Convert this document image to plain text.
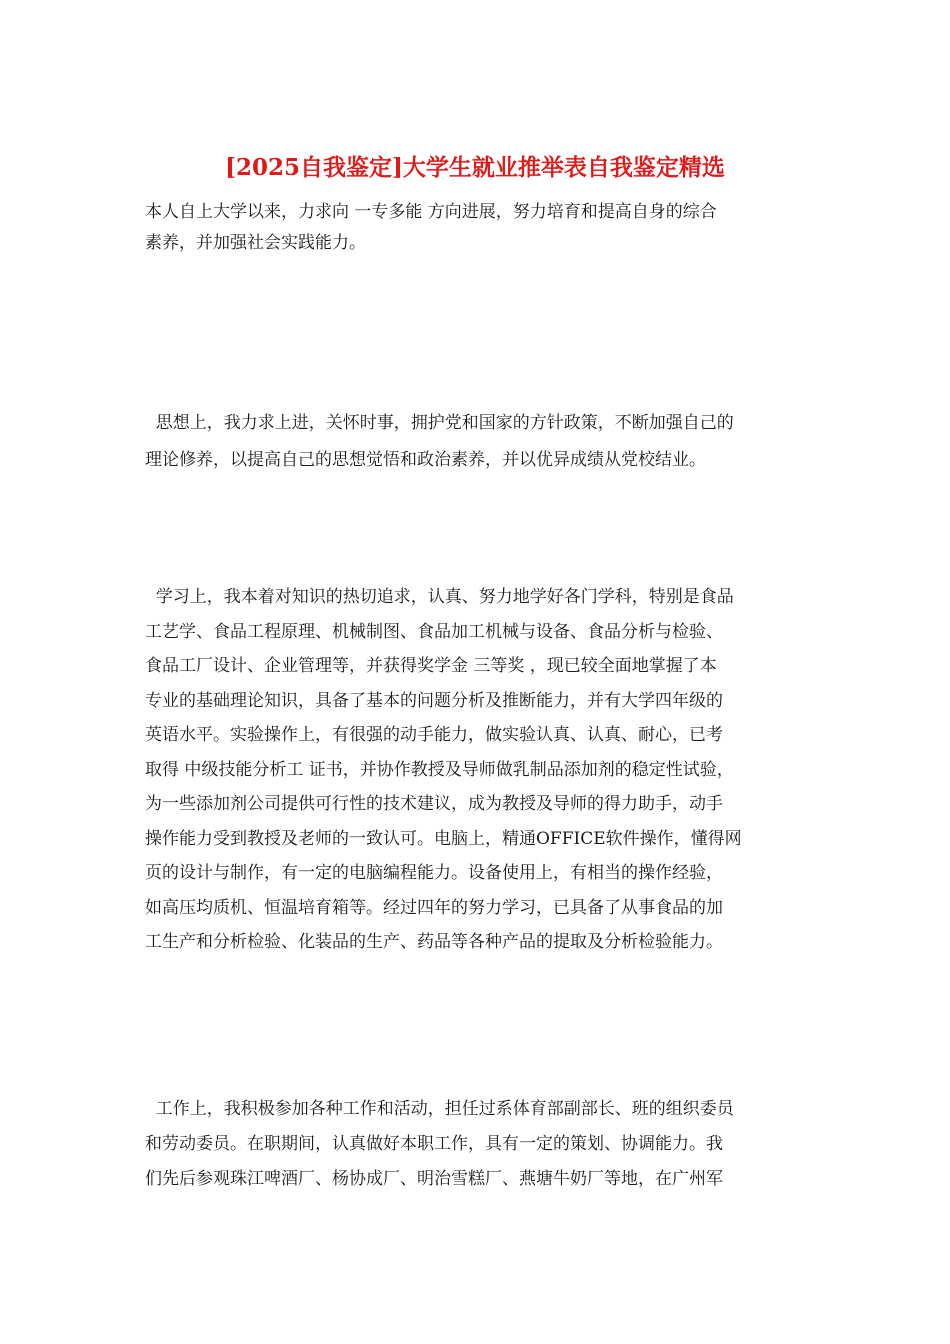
[2025自我鉴定]大学生就业推举表自我鉴定精选
本人自上大学以来，力求向 一专多能 方向进展，努力培育和提高自身的综合
素养，并加强社会实践能力。
思想上，我力求上进，关怀时事，拥护党和国家的方针政策，不断加强自己的
理论修养，以提高自己的思想觉悟和政治素养，并以优异成绩从党校结业。
学习上，我本着对知识的热切追求，认真、努力地学好各门学科，特别是食品
工艺学、食品工程原理、机械制图、食品加工机械与设备、食品分析与检验、
食品工厂设计、企业管理等，并获得奖学金 三等奖 ，现已较全面地掌握了本
专业的基础理论知识，具备了基本的问题分析及推断能力，并有大学四年级的
英语水平。实验操作上，有很强的动手能力，做实验认真、认真、耐心，已考
取得 中级技能分析工 证书，并协作教授及导师做乳制品添加剂的稳定性试验，
为一些添加剂公司提供可行性的技术建议，成为教授及导师的得力助手，动手
操作能力受到教授及老师的一致认可。电脑上，精通OFFICE软件操作，懂得网
页的设计与制作，有一定的电脑编程能力。设备使用上，有相当的操作经验，
如高压均质机、恒温培育箱等。经过四年的努力学习，已具备了从事食品的加
工生产和分析检验、化装品的生产、药品等各种产品的提取及分析检验能力。
工作上，我积极参加各种工作和活动，担任过系体育部副部长、班的组织委员
和劳动委员。在职期间，认真做好本职工作，具有一定的策划、协调能力。我
们先后参观珠江啤酒厂、杨协成厂、明治雪糕厂、燕塘牛奶厂等地，在广州军
